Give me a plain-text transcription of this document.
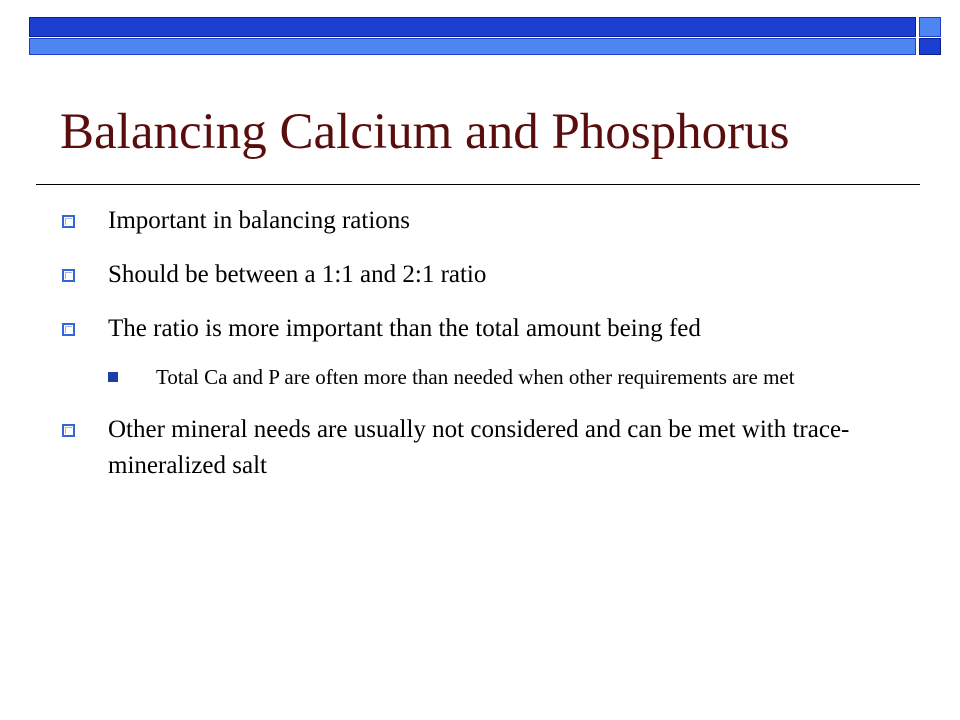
Balancing Calcium and Phosphorus
Important in balancing rations
Should be between a 1:1 and 2:1 ratio
The ratio is more important than the total amount being fed
Total Ca and P are often more than needed when other requirements are met
Other mineral needs are usually not considered and can be met with trace-mineralized salt
